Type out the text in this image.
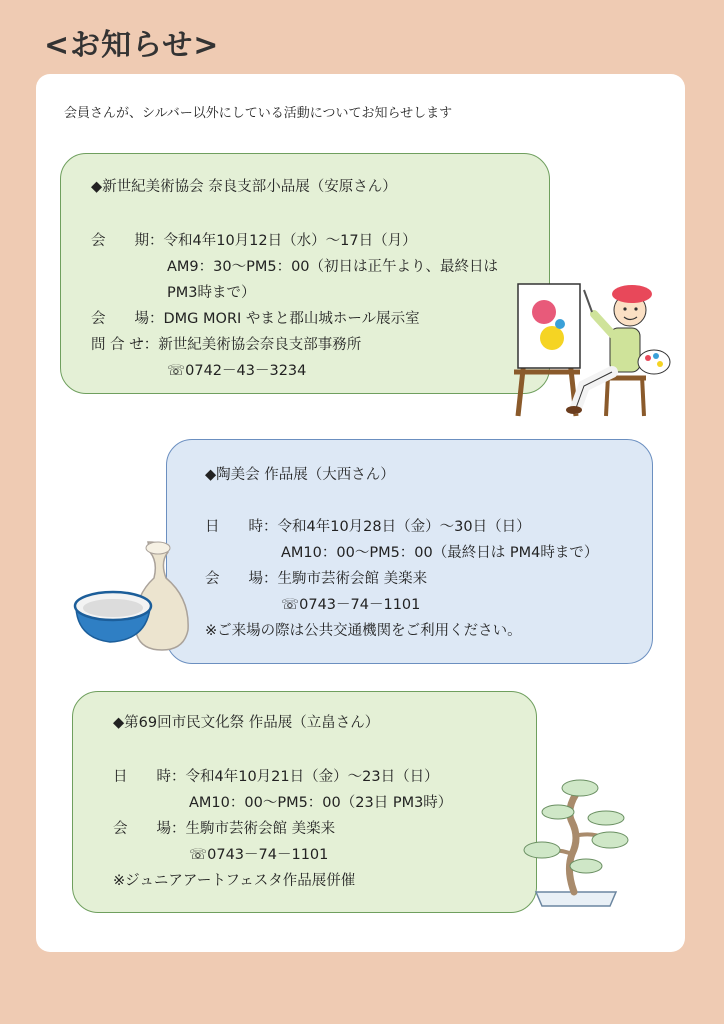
<お知らせ>
会員さんが、シルバー以外にしている活動についてお知らせします
◆新世紀美術協会 奈良支部小品展（安原さん）
会　　期：令和4年10月12日（水）～17日（月）
AM9：30～PM5：00（初日は正午より、最終日は
PM3時まで）
会　　場：DMG MORI やまと郡山城ホール展示室
問 合 せ：新世紀美術協会奈良支部事務所
☏0742－43－3234
◆陶美会 作品展（大西さん）
日　　時：令和4年10月28日（金）～30日（日）
AM10：00～PM5：00（最終日は PM4時まで）
会　　場：生駒市芸術会館 美楽来
☏0743－74－1101
※ご来場の際は公共交通機関をご利用ください。
◆第69回市民文化祭 作品展（立畠さん）
日　　時：令和4年10月21日（金）～23日（日）
AM10：00～PM5：00（23日 PM3時）
会　　場：生駒市芸術会館 美楽来
☏0743－74－1101
※ジュニアアートフェスタ作品展併催
